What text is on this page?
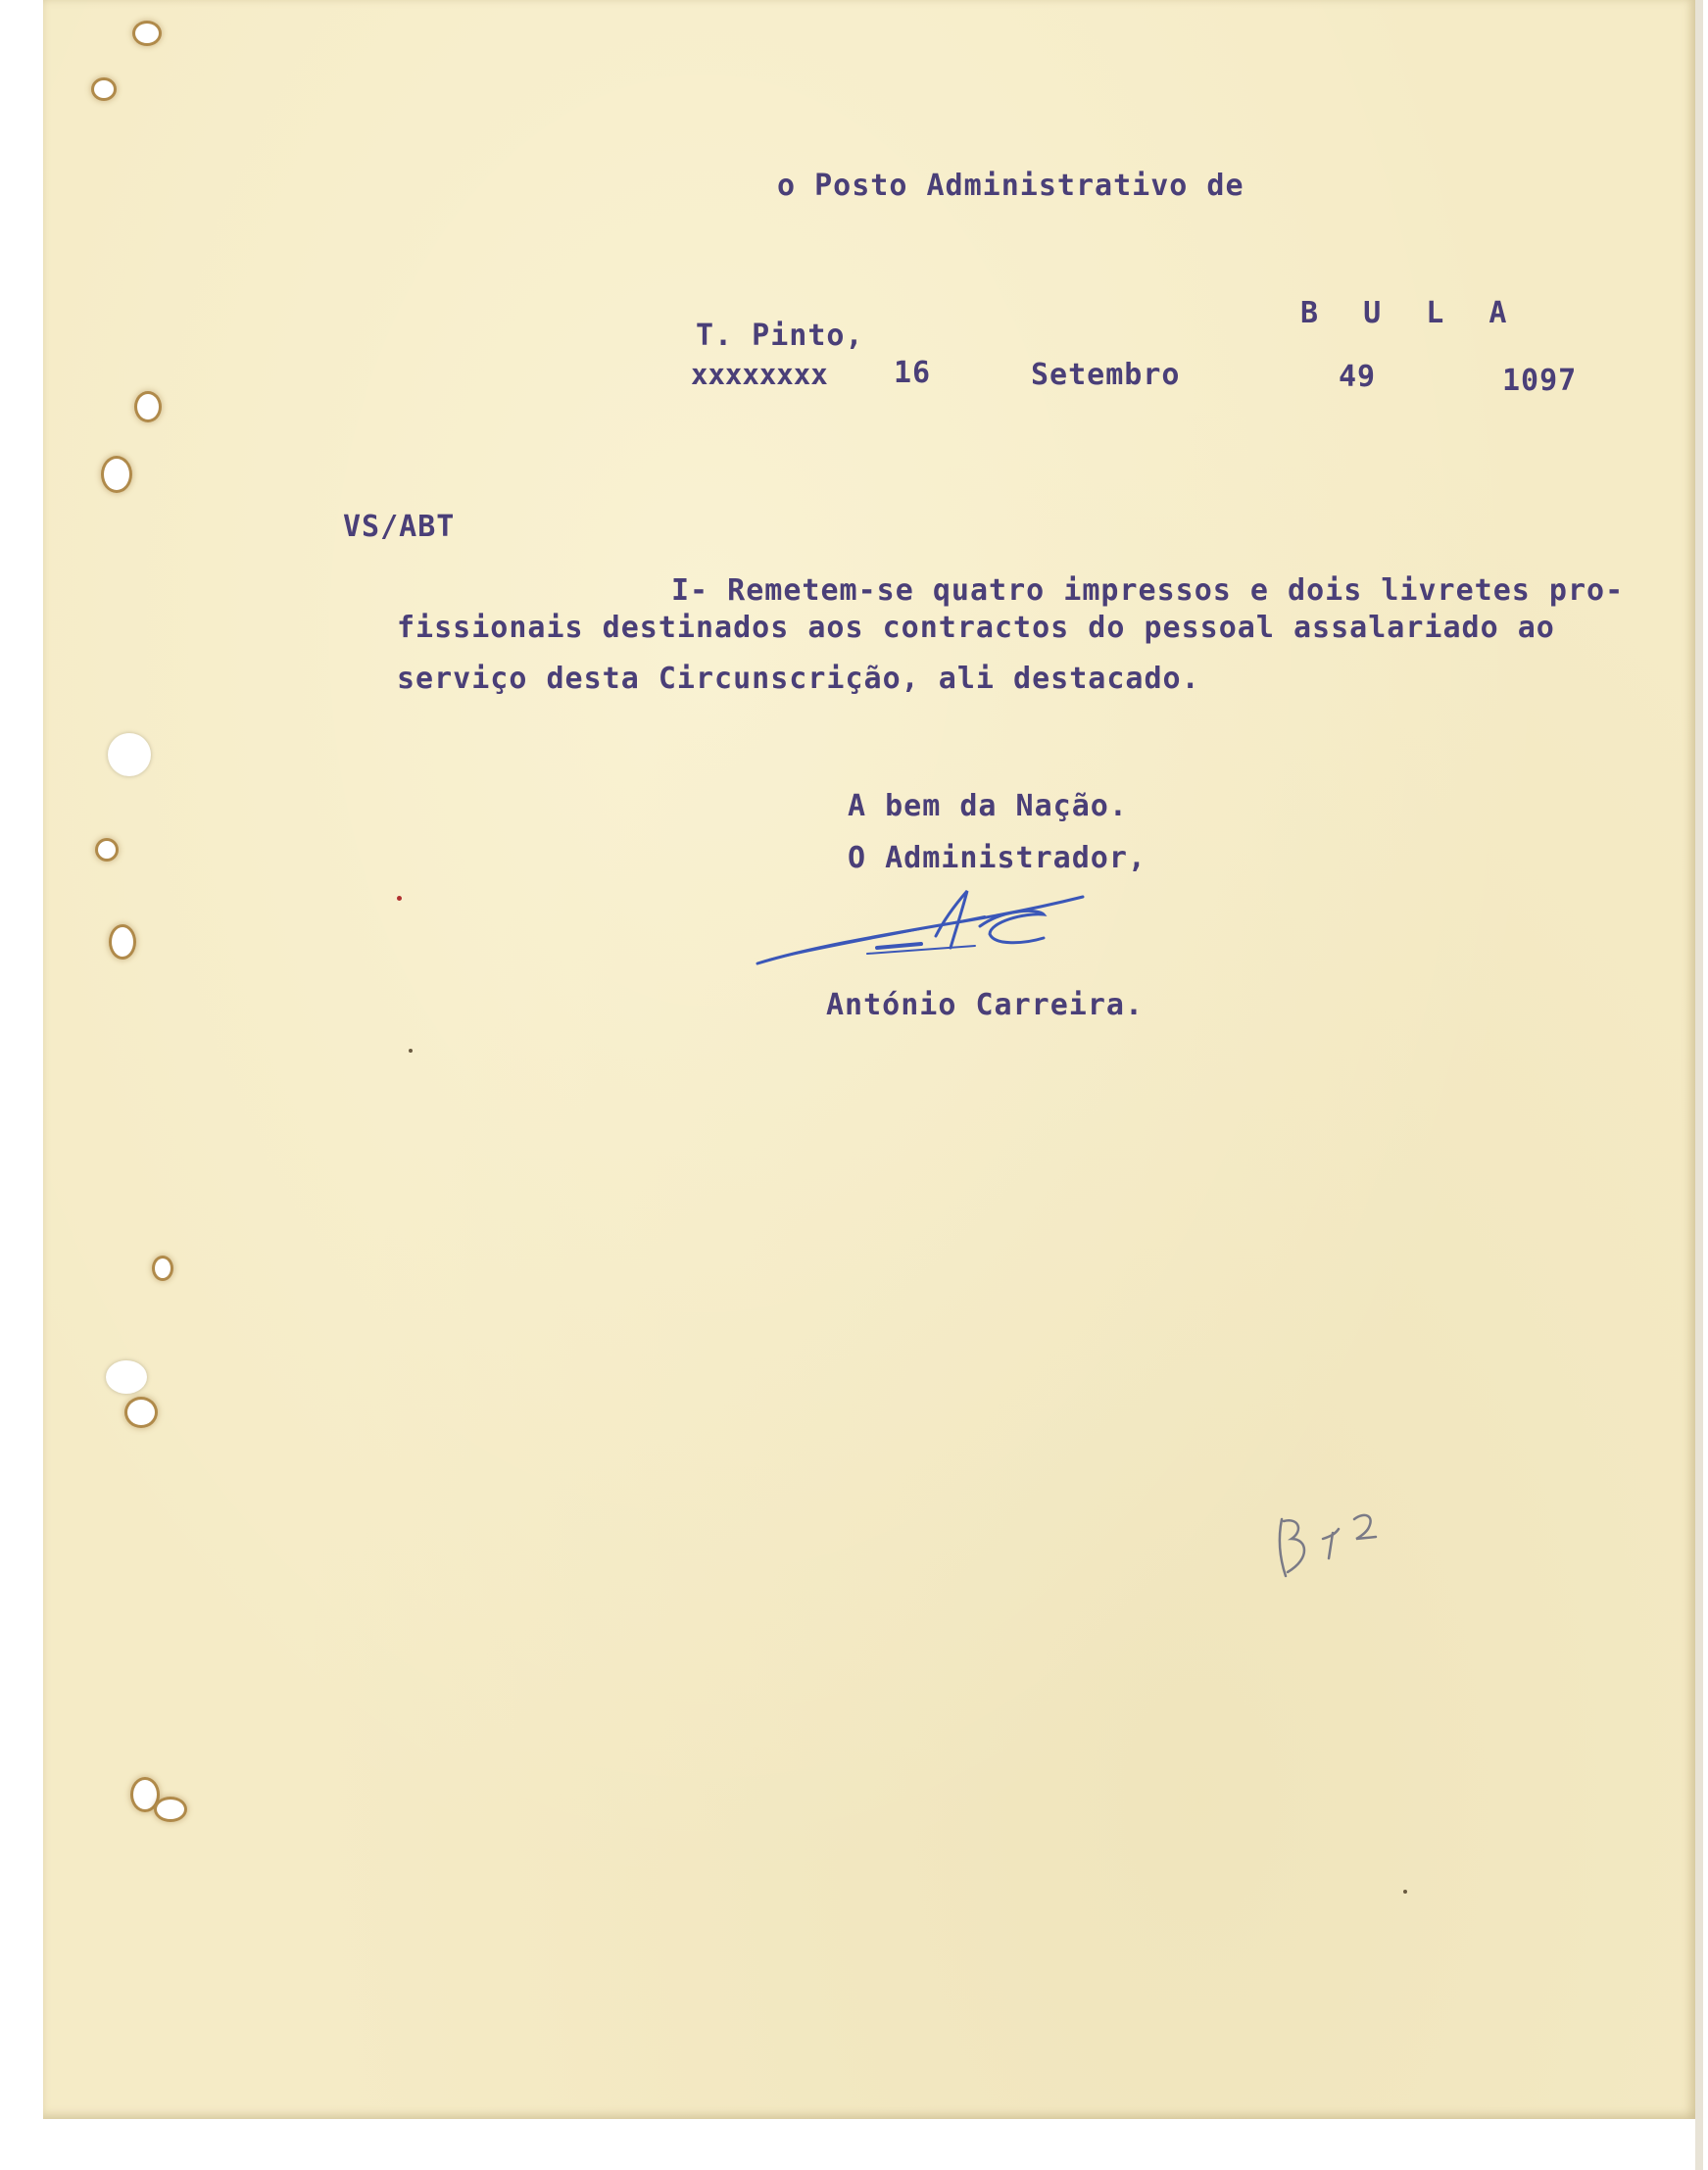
o Posto Administrativo de
B U L A
T. Pinto,
xxxxxxxx 16	Setembro	49	1097
VS/ABT
I- Remetem-se quatro impressos e dois livretes pro-
fissionais destinados aos contractos do pessoal assalariado ao
serviço desta Circunscrição, ali destacado.
A bem da Nação.
O Administrador,
António Carreira.
